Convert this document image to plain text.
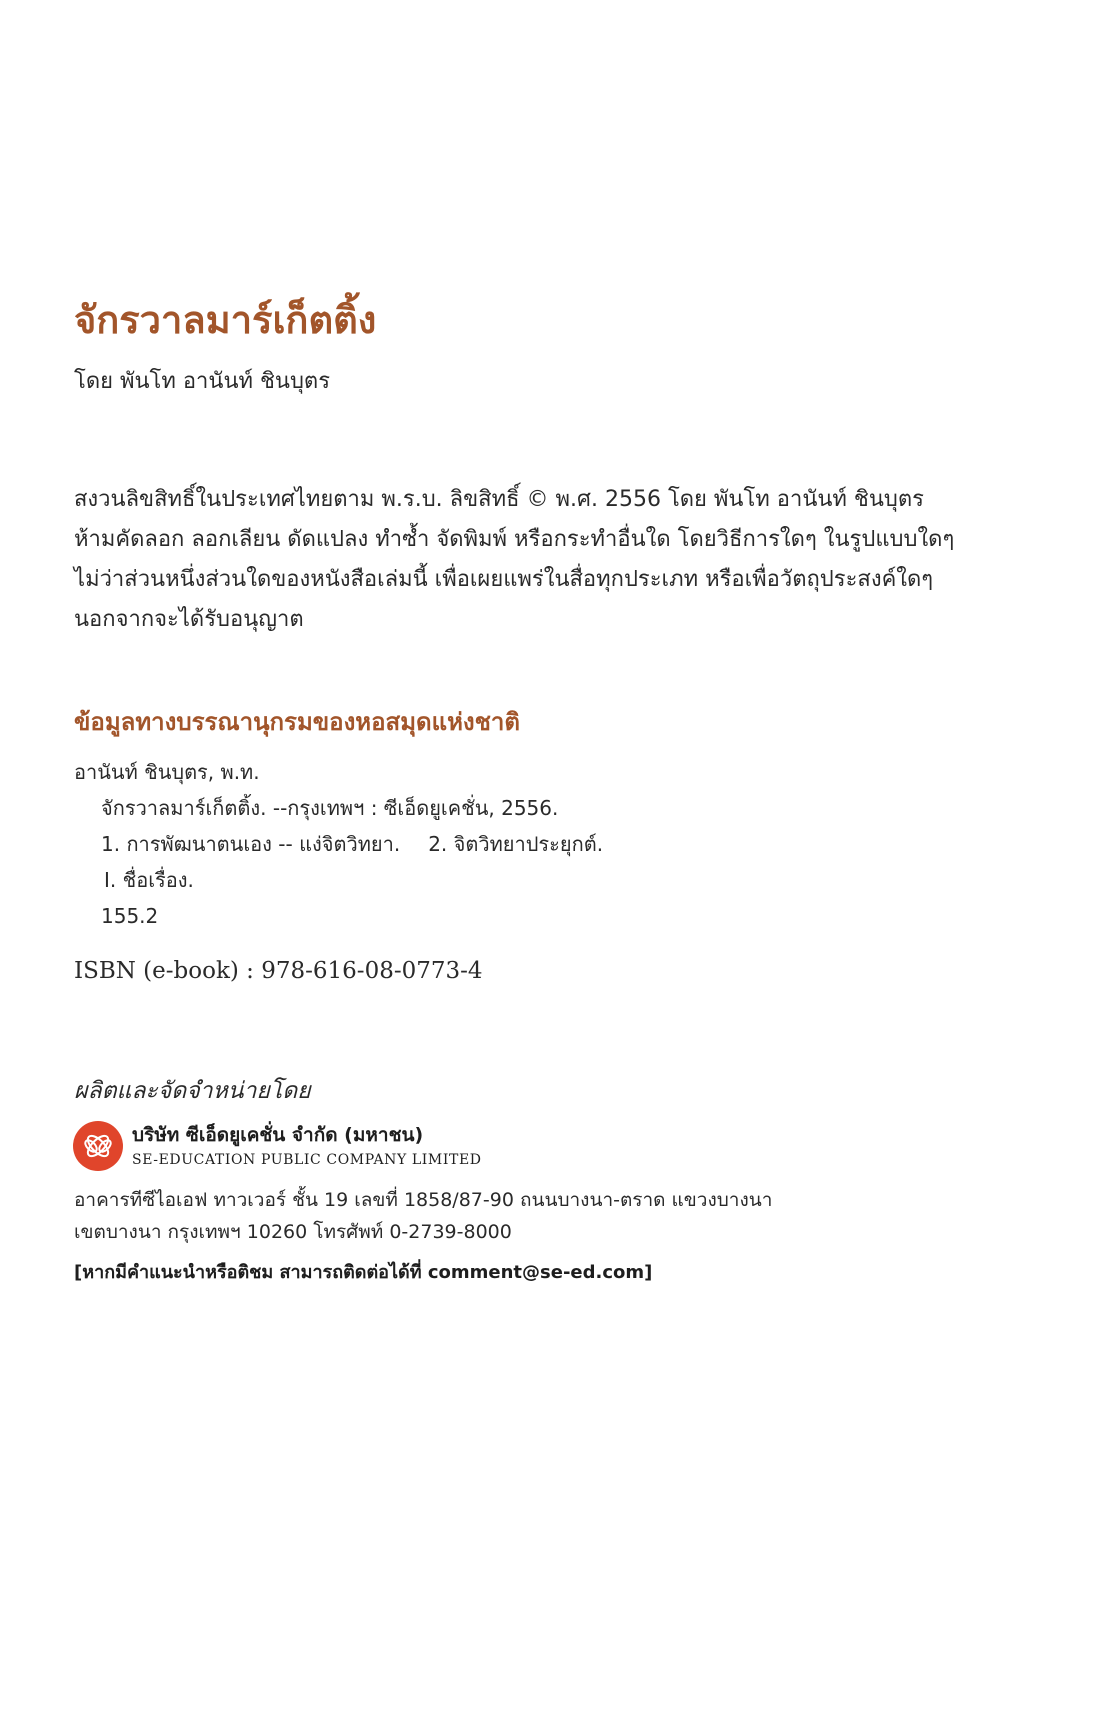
จักรวาลมาร์เก็ตติ้ง
โดย พันโท อานันท์ ชินบุตร
สงวนลิขสิทธิ์ในประเทศไทยตาม พ.ร.บ. ลิขสิทธิ์ © พ.ศ. 2556 โดย พันโท อานันท์ ชินบุตร
ห้ามคัดลอก ลอกเลียน ดัดแปลง ทำซ้ำ จัดพิมพ์ หรือกระทำอื่นใด โดยวิธีการใดๆ ในรูปแบบใดๆ
ไม่ว่าส่วนหนึ่งส่วนใดของหนังสือเล่มนี้ เพื่อเผยแพร่ในสื่อทุกประเภท หรือเพื่อวัตถุประสงค์ใดๆ
นอกจากจะได้รับอนุญาต
ข้อมูลทางบรรณานุกรมของหอสมุดแห่งชาติ
อานันท์ ชินบุตร, พ.ท.
จักรวาลมาร์เก็ตติ้ง. --กรุงเทพฯ : ซีเอ็ดยูเคชั่น, 2556.
1. การพัฒนาตนเอง -- แง่จิตวิทยา. 2. จิตวิทยาประยุกต์.
I. ชื่อเรื่อง.
155.2
ISBN (e-book) : 978-616-08-0773-4
ผลิตและจัดจำหน่ายโดย
บริษัท ซีเอ็ดยูเคชั่น จำกัด (มหาชน)
SE-EDUCATION PUBLIC COMPANY LIMITED
อาคารทีซีไอเอฟ ทาวเวอร์ ชั้น 19 เลขที่ 1858/87-90 ถนนบางนา-ตราด แขวงบางนา
เขตบางนา กรุงเทพฯ 10260 โทรศัพท์ 0-2739-8000
[หากมีคำแนะนำหรือติชม สามารถติดต่อได้ที่ comment@se-ed.com]
